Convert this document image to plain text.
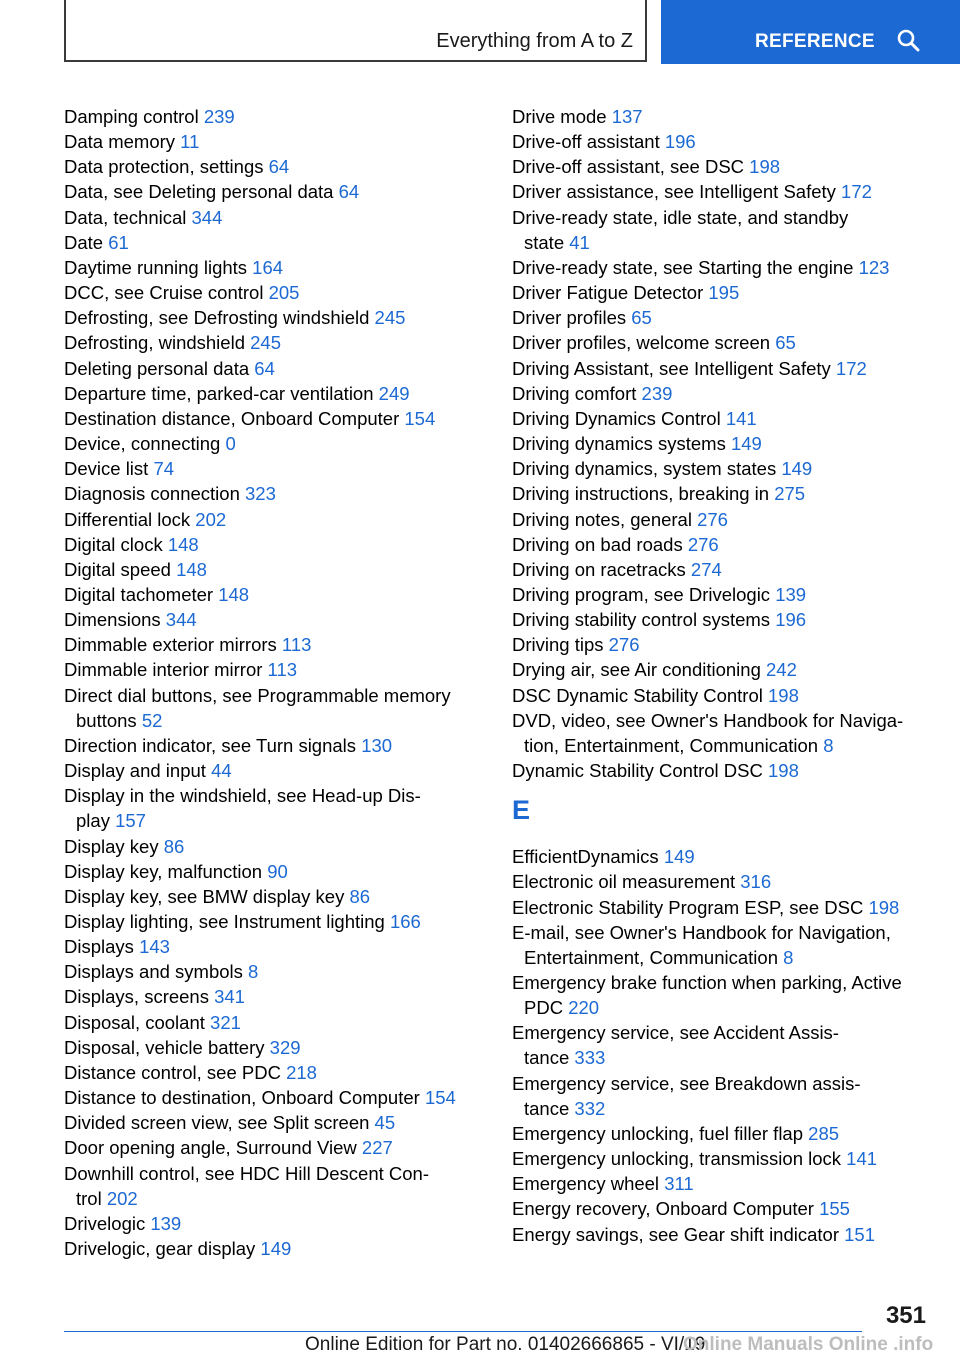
Everything from A to Z	REFERENCE
Damping control 239
Data memory 11
Data protection, settings 64
Data, see Deleting personal data 64
Data, technical 344
Date 61
Daytime running lights 164
DCC, see Cruise control 205
Defrosting, see Defrosting windshield 245
Defrosting, windshield 245
Deleting personal data 64
Departure time, parked-car ventilation 249
Destination distance, Onboard Computer 154
Device, connecting 0
Device list 74
Diagnosis connection 323
Differential lock 202
Digital clock 148
Digital speed 148
Digital tachometer 148
Dimensions 344
Dimmable exterior mirrors 113
Dimmable interior mirror 113
Direct dial buttons, see Programmable memory
buttons 52
Direction indicator, see Turn signals 130
Display and input 44
Display in the windshield, see Head-up Dis-
play 157
Display key 86
Display key, malfunction 90
Display key, see BMW display key 86
Display lighting, see Instrument lighting 166
Displays 143
Displays and symbols 8
Displays, screens 341
Disposal, coolant 321
Disposal, vehicle battery 329
Distance control, see PDC 218
Distance to destination, Onboard Computer 154
Divided screen view, see Split screen 45
Door opening angle, Surround View 227
Downhill control, see HDC Hill Descent Con-
trol 202
Drivelogic 139
Drivelogic, gear display 149
Drive mode 137
Drive-off assistant 196
Drive-off assistant, see DSC 198
Driver assistance, see Intelligent Safety 172
Drive-ready state, idle state, and standby
state 41
Drive-ready state, see Starting the engine 123
Driver Fatigue Detector 195
Driver profiles 65
Driver profiles, welcome screen 65
Driving Assistant, see Intelligent Safety 172
Driving comfort 239
Driving Dynamics Control 141
Driving dynamics systems 149
Driving dynamics, system states 149
Driving instructions, breaking in 275
Driving notes, general 276
Driving on bad roads 276
Driving on racetracks 274
Driving program, see Drivelogic 139
Driving stability control systems 196
Driving tips 276
Drying air, see Air conditioning 242
DSC Dynamic Stability Control 198
DVD, video, see Owner's Handbook for Naviga-
tion, Entertainment, Communication 8
Dynamic Stability Control DSC 198
E
EfficientDynamics 149
Electronic oil measurement 316
Electronic Stability Program ESP, see DSC 198
E-mail, see Owner's Handbook for Navigation,
Entertainment, Communication 8
Emergency brake function when parking, Active
PDC 220
Emergency service, see Accident Assis-
tance 333
Emergency service, see Breakdown assis-
tance 332
Emergency unlocking, fuel filler flap 285
Emergency unlocking, transmission lock 141
Emergency wheel 311
Energy recovery, Onboard Computer 155
Energy savings, see Gear shift indicator 151
351
Online Edition for Part no. 01402666865 - VI/19
Online Manuals Online .info
